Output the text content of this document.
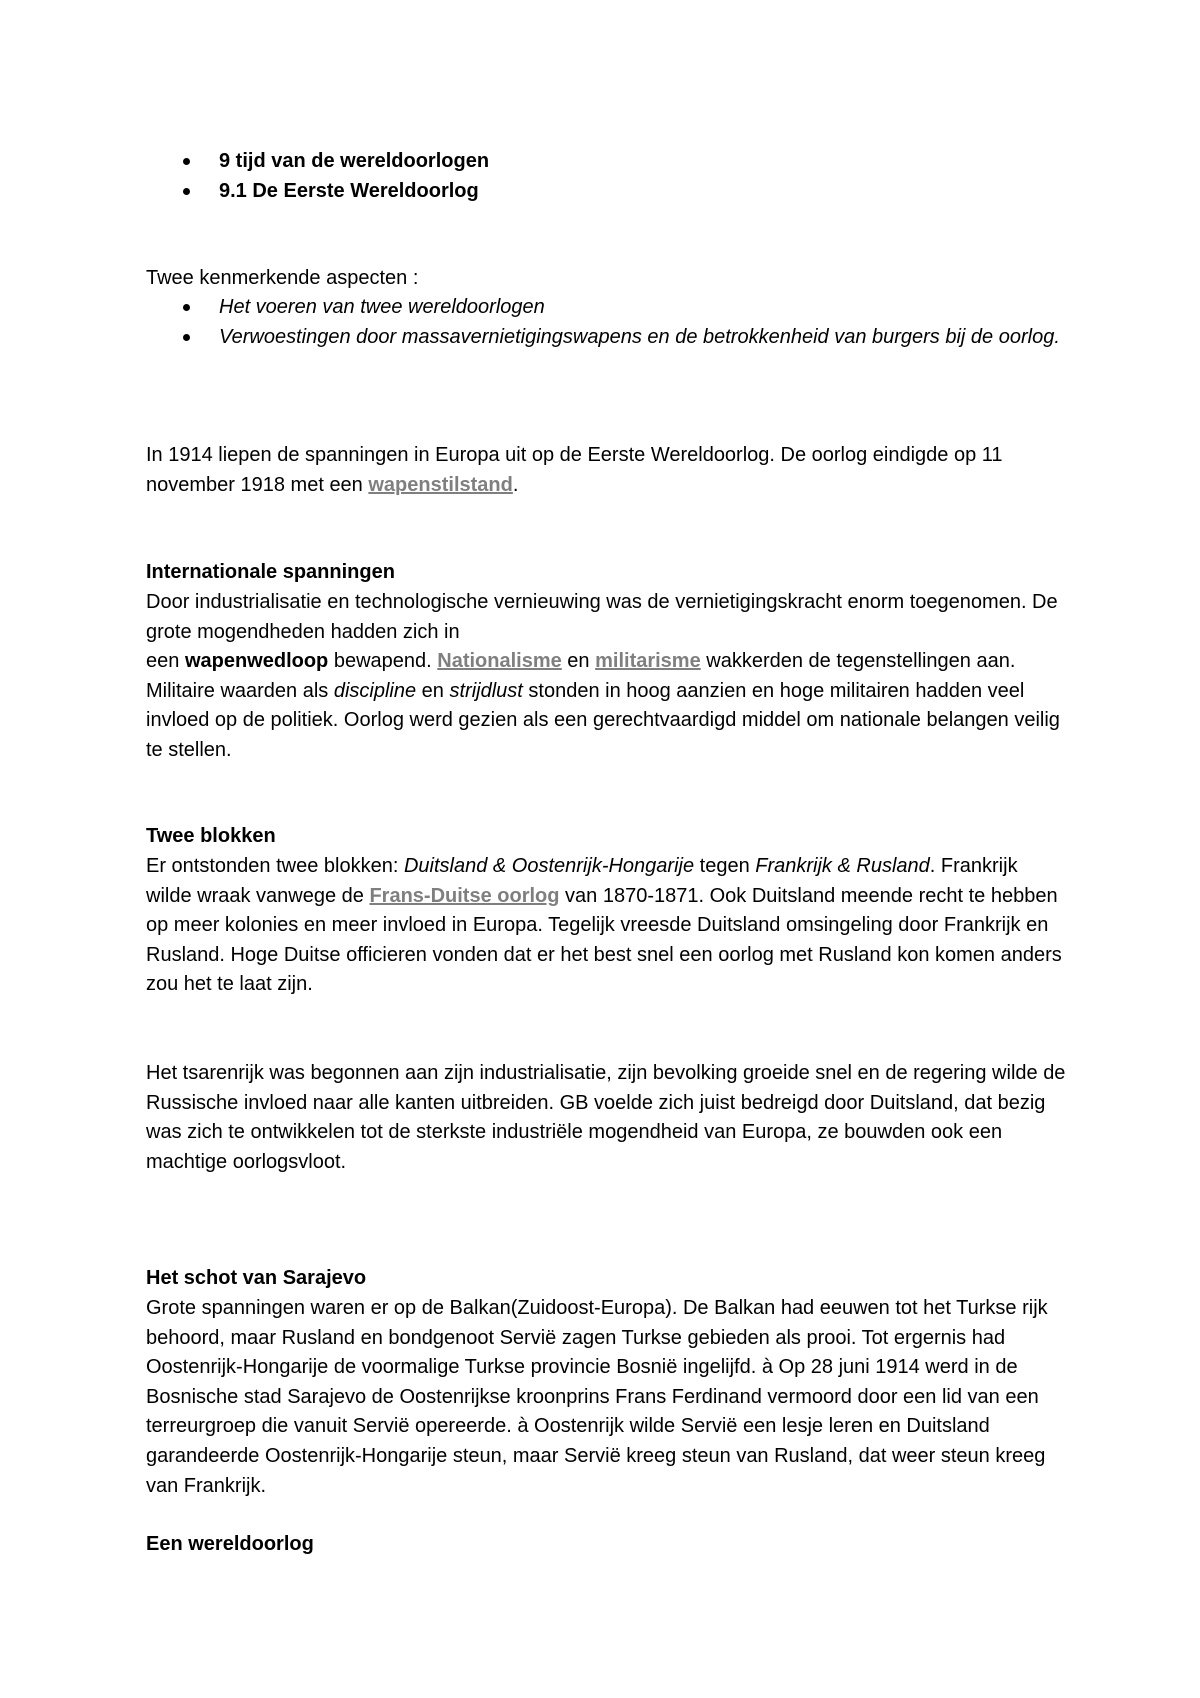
9 tijd van de wereldoorlogen
9.1 De Eerste Wereldoorlog
Twee kenmerkende aspecten :
Het voeren van twee wereldoorlogen
Verwoestingen door massavernietigingswapens en de betrokkenheid van burgers bij de oorlog.

In 1914 liepen de spanningen in Europa uit op de Eerste Wereldoorlog. De oorlog eindigde op 11 november 1918 met een wapenstilstand.

Internationale spanningen

Door industrialisatie en technologische vernieuwing was de vernietigingskracht enorm toegenomen. De grote mogendheden hadden zich in
een wapenwedloop bewapend. Nationalisme en militarisme wakkerden de tegenstellingen aan. Militaire waarden als discipline en strijdlust stonden in hoog aanzien en hoge militairen hadden veel invloed op de politiek. Oorlog werd gezien als een gerechtvaardigd middel om nationale belangen veilig te stellen.

Twee blokken

Er ontstonden twee blokken: Duitsland & Oostenrijk-Hongarije tegen Frankrijk & Rusland. Frankrijk wilde wraak vanwege de Frans-Duitse oorlog van 1870-1871. Ook Duitsland meende recht te hebben op meer kolonies en meer invloed in Europa. Tegelijk vreesde Duitsland omsingeling door Frankrijk en Rusland. Hoge Duitse officieren vonden dat er het best snel een oorlog met Rusland kon komen anders zou het te laat zijn.

Het tsarenrijk was begonnen aan zijn industrialisatie, zijn bevolking groeide snel en de regering wilde de Russische invloed naar alle kanten uitbreiden. GB voelde zich juist bedreigd door Duitsland, dat bezig was zich te ontwikkelen tot de sterkste industriële mogendheid van Europa, ze bouwden ook een machtige oorlogsvloot.

Het schot van Sarajevo

Grote spanningen waren er op de Balkan(Zuidoost-Europa). De Balkan had eeuwen tot het Turkse rijk behoord, maar Rusland en bondgenoot Servië zagen Turkse gebieden als prooi. Tot ergernis had Oostenrijk-Hongarije de voormalige Turkse provincie Bosnië ingelijfd. à Op 28 juni 1914 werd in de Bosnische stad Sarajevo de Oostenrijkse kroonprins Frans Ferdinand vermoord door een lid van een terreurgroep die vanuit Servië opereerde. à Oostenrijk wilde Servië een lesje leren en Duitsland garandeerde Oostenrijk-Hongarije steun, maar Servië kreeg steun van Rusland, dat weer steun kreeg van Frankrijk.

Een wereldoorlog
